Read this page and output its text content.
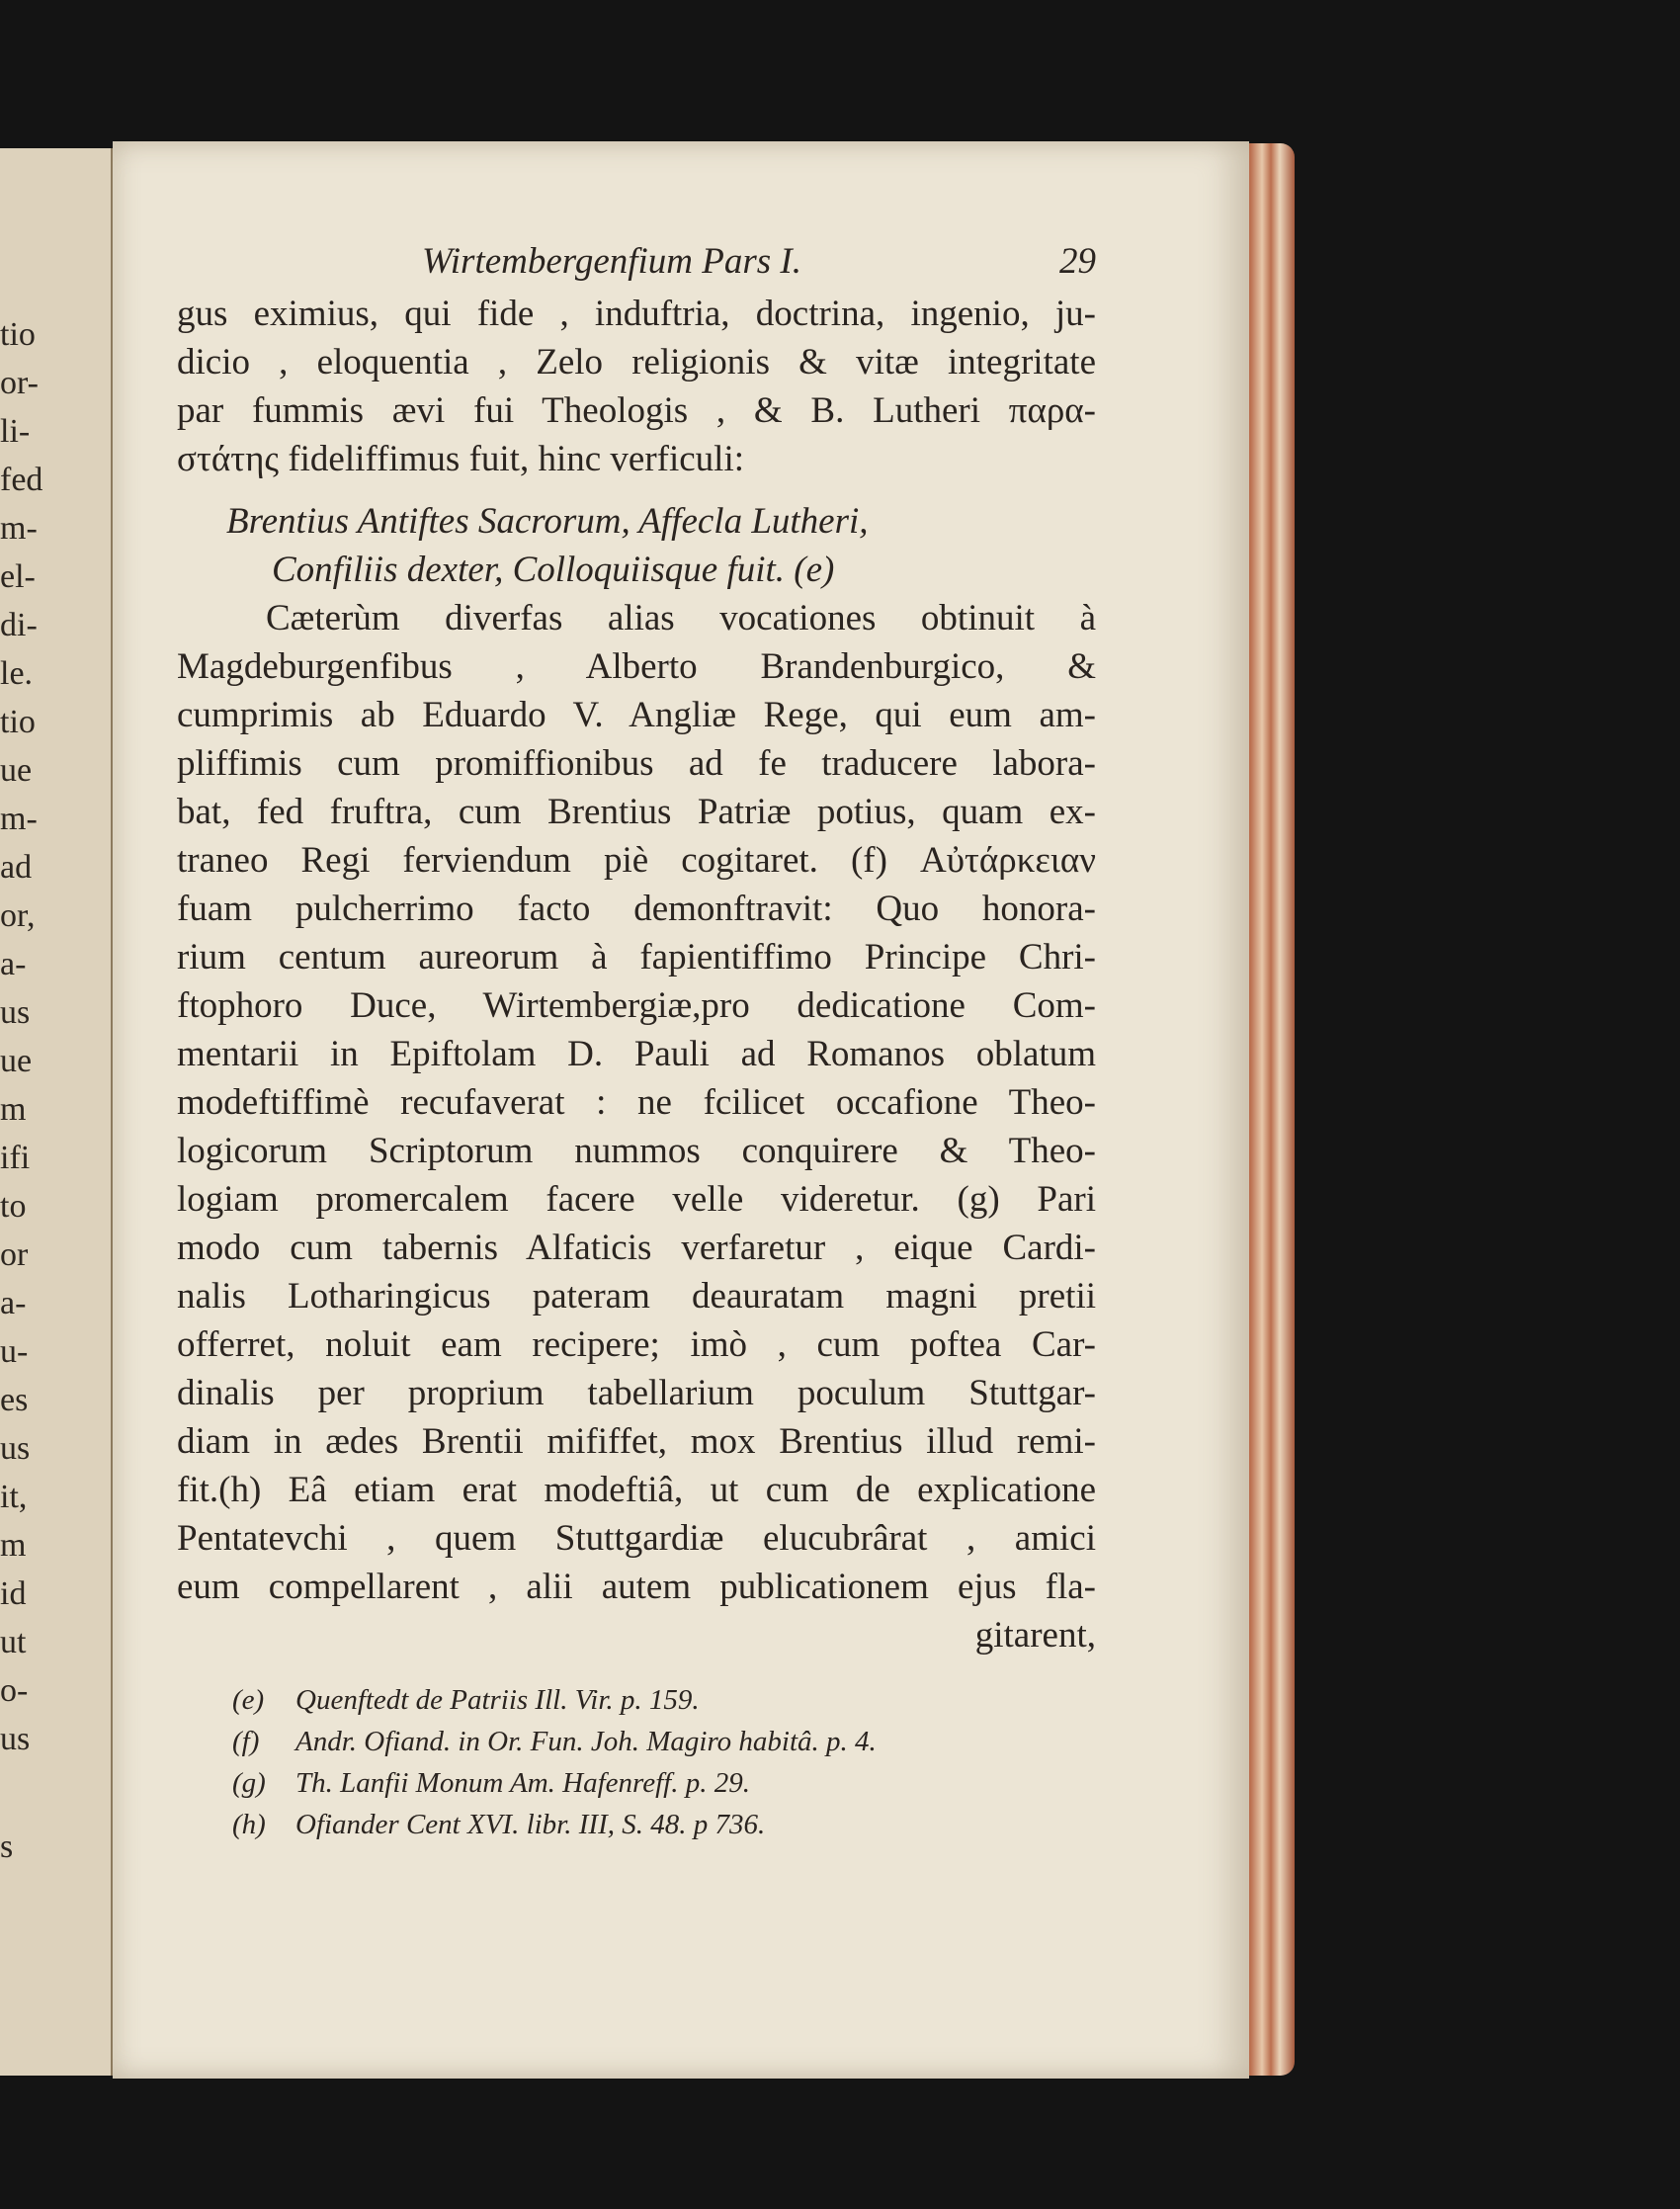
tio
or-
li-
fed
m-
el-
di-
le.
tio
ue
m-
ad
or,
a-
us
ue
m
ifi
to
or
a-
u-
es
us
it,
m
id
ut
o-
us
s
Wirtembergenfium Pars I.	29
gus eximius, qui fide , induftria, doctrina, ingenio, ju-
dicio , eloquentia , Zelo religionis & vitæ integritate
par fummis ævi fui Theologis , & B. Lutheri παρα-
στάτης fideliffimus fuit, hinc verficuli:
Brentius Antiftes Sacrorum, Affecla Lutheri,
Confiliis dexter, Colloquiisque fuit. (e)
Cæterùm diverfas alias vocationes obtinuit à
Magdeburgenfibus , Alberto Brandenburgico, &
cumprimis ab Eduardo V. Angliæ Rege, qui eum am-
pliffimis cum promiffionibus ad fe traducere labora-
bat, fed fruftra, cum Brentius Patriæ potius, quam ex-
traneo Regi ferviendum piè cogitaret. (f) Αὐτάρκειαν
fuam pulcherrimo facto demonftravit: Quo honora-
rium centum aureorum à fapientiffimo Principe Chri-
ftophoro Duce, Wirtembergiæ,pro dedicatione Com-
mentarii in Epiftolam D. Pauli ad Romanos oblatum
modeftiffimè recufaverat : ne fcilicet occafione Theo-
logicorum Scriptorum nummos conquirere & Theo-
logiam promercalem facere velle videretur. (g) Pari
modo cum tabernis Alfaticis verfaretur , eique Cardi-
nalis Lotharingicus pateram deauratam magni pretii
offerret, noluit eam recipere; imò , cum poftea Car-
dinalis per proprium tabellarium poculum Stuttgar-
diam in ædes Brentii mififfet, mox Brentius illud remi-
fit.(h) Eâ etiam erat modeftiâ, ut cum de explicatione
Pentatevchi , quem Stuttgardiæ elucubrârat , amici
eum compellarent , alii autem publicationem ejus fla-
gitarent,
(e) Quenftedt de Patriis Ill. Vir. p. 159.
(f) Andr. Ofiand. in Or. Fun. Joh. Magiro habitâ. p. 4.
(g) Th. Lanfii Monum Am. Hafenreff. p. 29.
(h) Ofiander Cent XVI. libr. III, S. 48. p 736.
